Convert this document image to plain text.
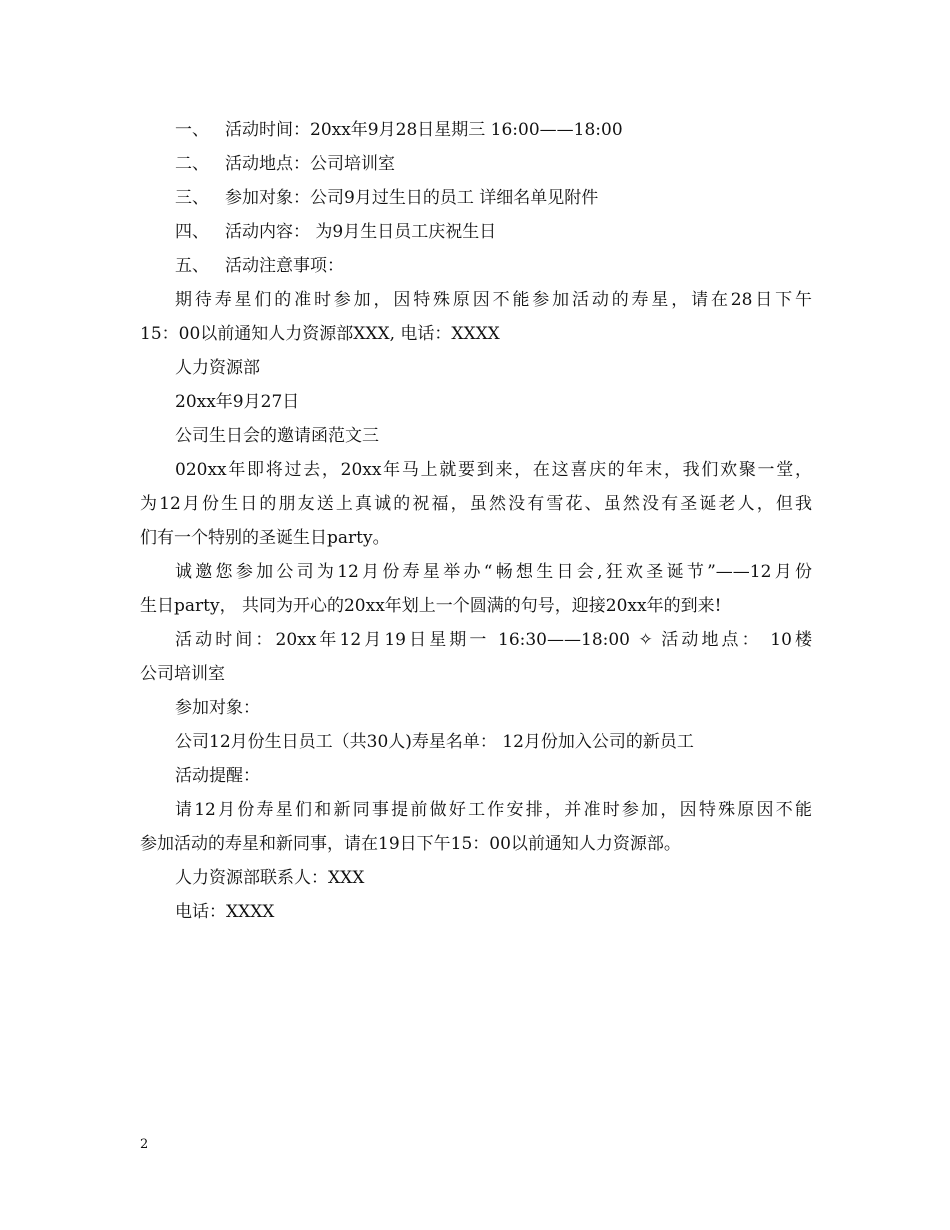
一、 活动时间：20xx年9月28日星期三 16:00——18:00
二、 活动地点：公司培训室
三、 参加对象：公司9月过生日的员工 详细名单见附件
四、 活动内容： 为9月生日员工庆祝生日
五、 活动注意事项：
期待寿星们的准时参加，因特殊原因不能参加活动的寿星，请在28日下午
15：00以前通知人力资源部XXX, 电话：XXXX
人力资源部
20xx年9月27日
公司生日会的邀请函范文三
020xx年即将过去，20xx年马上就要到来，在这喜庆的年末，我们欢聚一堂，
为12月份生日的朋友送上真诚的祝福，虽然没有雪花、虽然没有圣诞老人，但我
们有一个特别的圣诞生日party。
诚邀您参加公司为12月份寿星举办“畅想生日会,狂欢圣诞节”——12月份
生日party， 共同为开心的20xx年划上一个圆满的句号，迎接20xx年的到来!
活动时间：20xx年12月19日星期一 16:30——18:00 ✧ 活动地点： 10楼
公司培训室
参加对象：
公司12月份生日员工（共30人)寿星名单： 12月份加入公司的新员工
活动提醒：
请12月份寿星们和新同事提前做好工作安排，并准时参加，因特殊原因不能
参加活动的寿星和新同事，请在19日下午15：00以前通知人力资源部。
人力资源部联系人：XXX
电话：XXXX
2
